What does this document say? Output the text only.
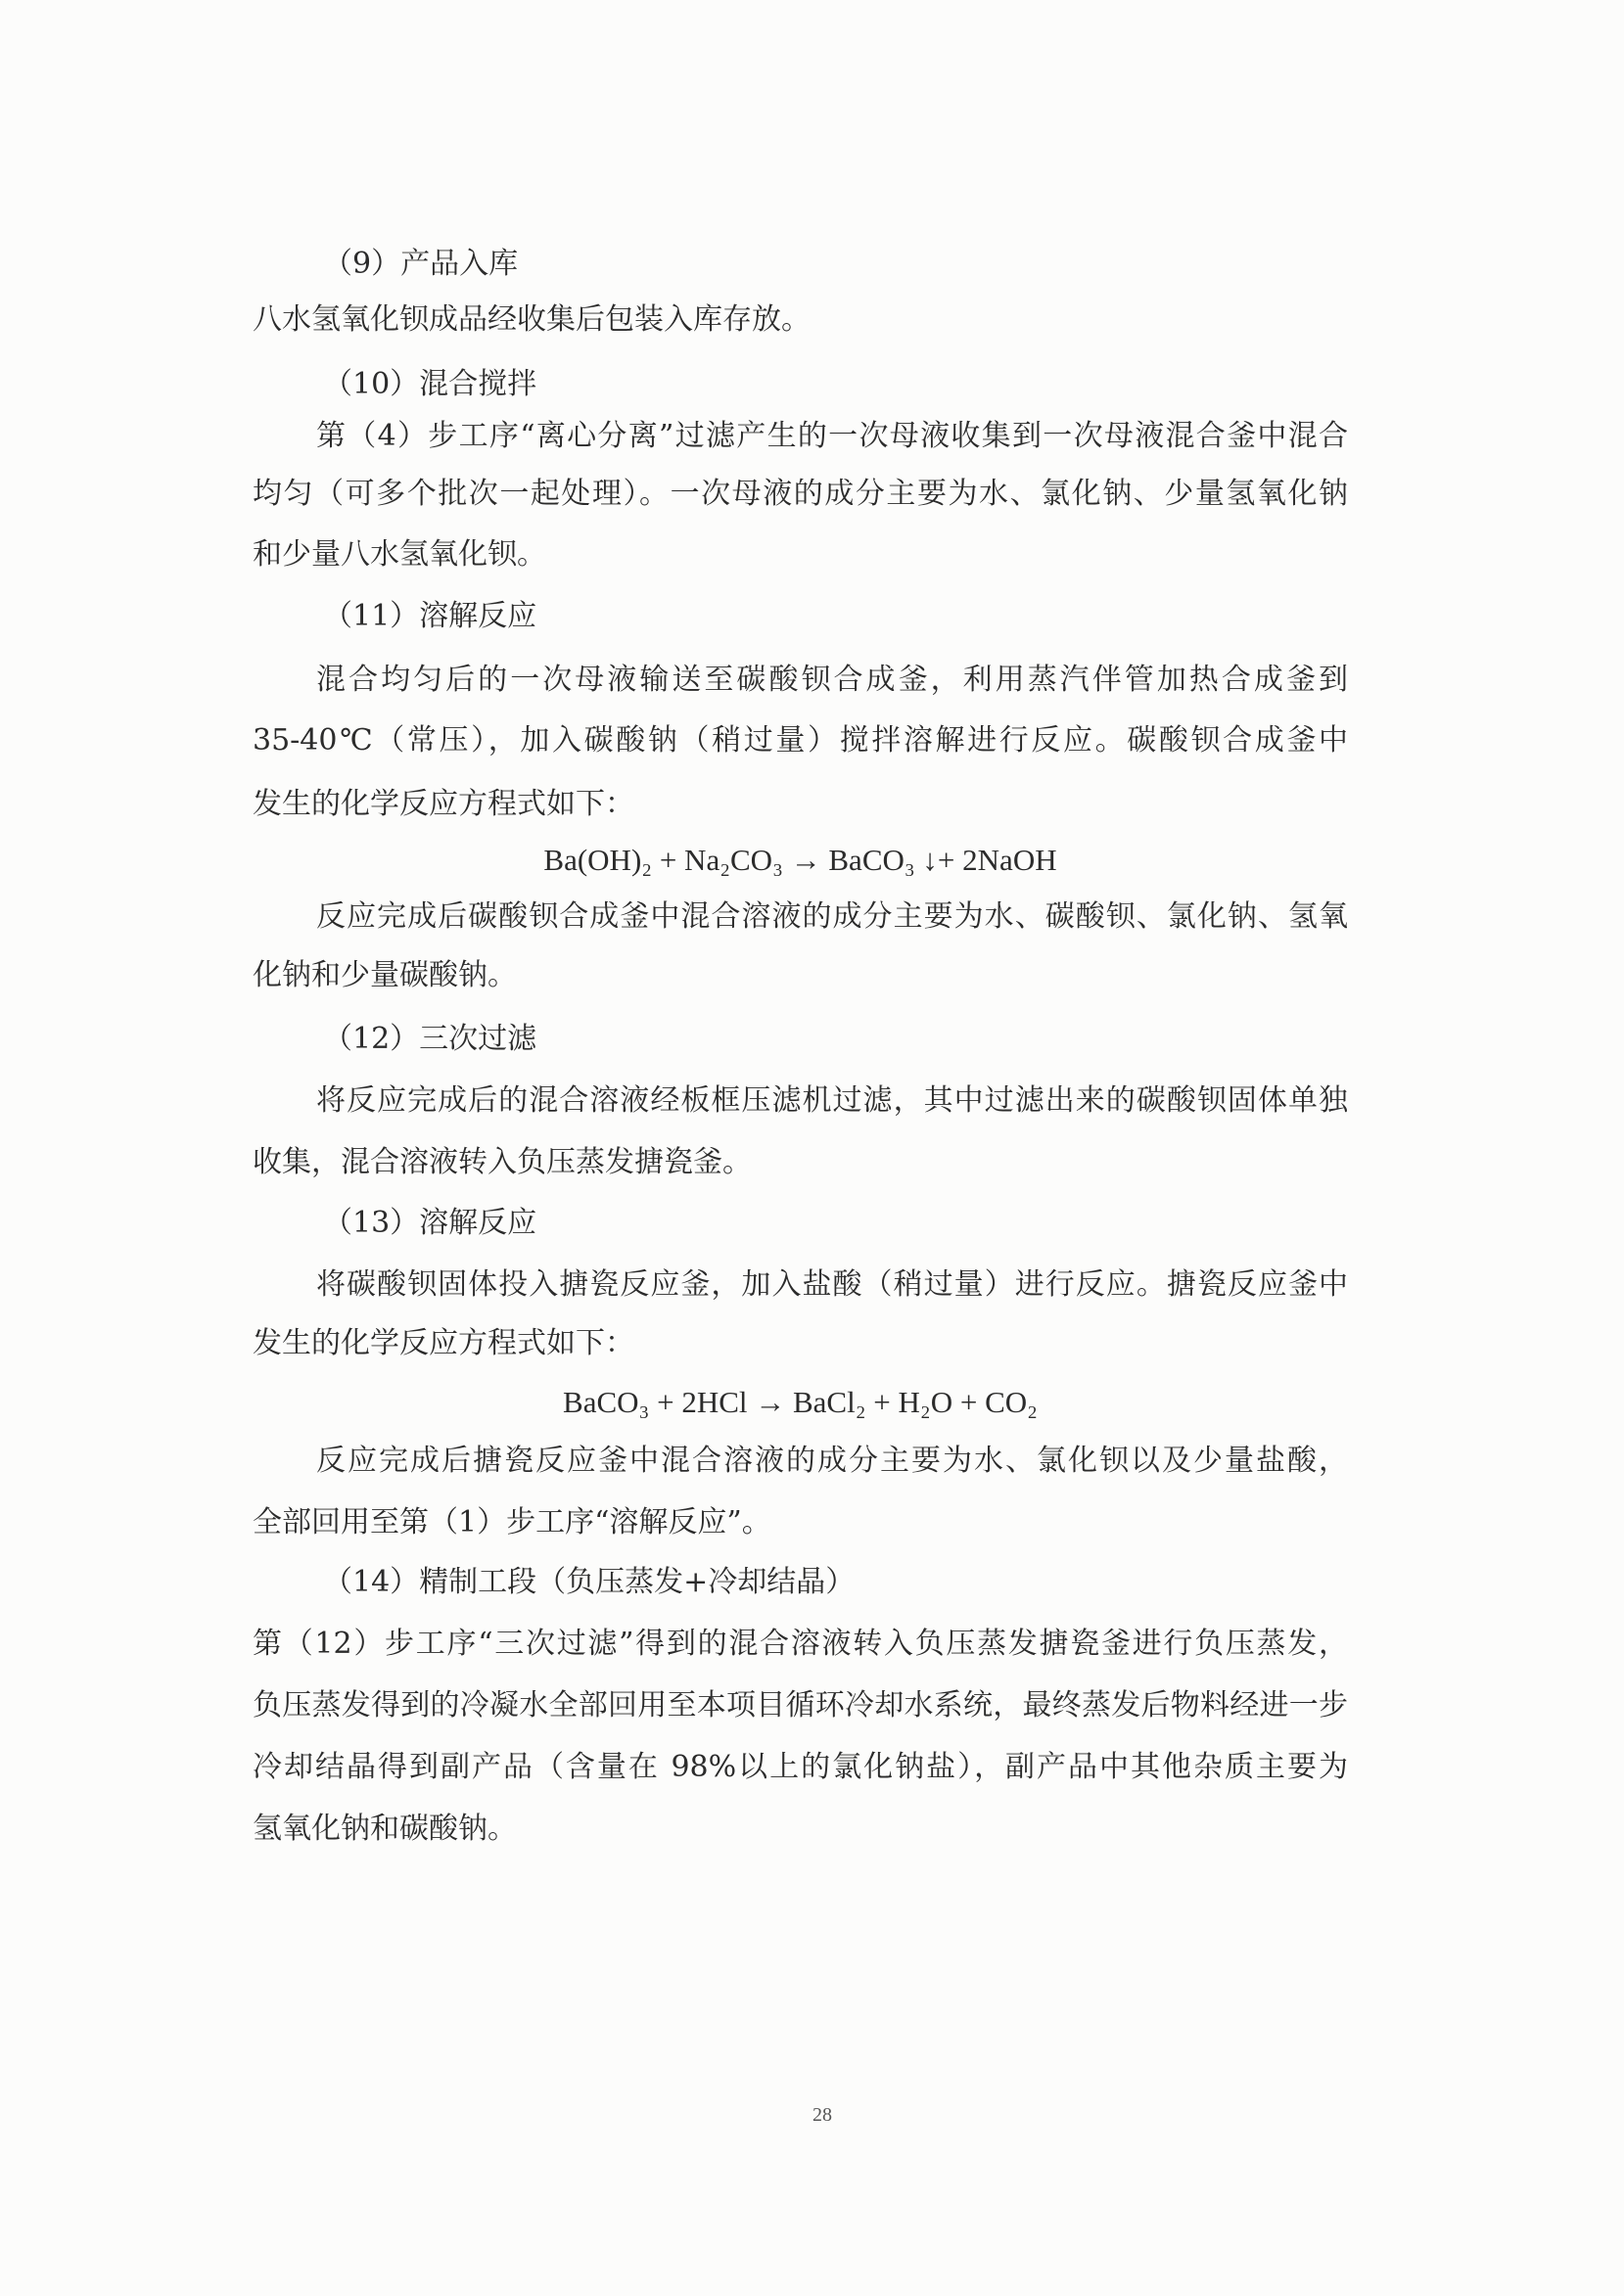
（9）产品入库
八水氢氧化钡成品经收集后包装入库存放。
（10）混合搅拌
第（4）步工序“离心分离”过滤产生的一次母液收集到一次母液混合釜中混合
均匀（可多个批次一起处理）。一次母液的成分主要为水、氯化钠、少量氢氧化钠
和少量八水氢氧化钡。
（11）溶解反应
混合均匀后的一次母液输送至碳酸钡合成釜，利用蒸汽伴管加热合成釜到
35-40℃（常压），加入碳酸钠（稍过量）搅拌溶解进行反应。碳酸钡合成釜中
发生的化学反应方程式如下：
Ba(OH)₂ + Na₂CO₃ → BaCO₃ ↓+ 2NaOH
反应完成后碳酸钡合成釜中混合溶液的成分主要为水、碳酸钡、氯化钠、氢氧
化钠和少量碳酸钠。
（12）三次过滤
将反应完成后的混合溶液经板框压滤机过滤，其中过滤出来的碳酸钡固体单独
收集，混合溶液转入负压蒸发搪瓷釜。
（13）溶解反应
将碳酸钡固体投入搪瓷反应釜，加入盐酸（稍过量）进行反应。搪瓷反应釜中
发生的化学反应方程式如下：
BaCO₃ + 2HCl → BaCl₂ + H₂O + CO₂
反应完成后搪瓷反应釜中混合溶液的成分主要为水、氯化钡以及少量盐酸，
全部回用至第（1）步工序“溶解反应”。
（14）精制工段（负压蒸发+冷却结晶）
第（12）步工序“三次过滤”得到的混合溶液转入负压蒸发搪瓷釜进行负压蒸发，
负压蒸发得到的冷凝水全部回用至本项目循环冷却水系统，最终蒸发后物料经进一步
冷却结晶得到副产品（含量在 98%以上的氯化钠盐），副产品中其他杂质主要为
氢氧化钠和碳酸钠。
28
